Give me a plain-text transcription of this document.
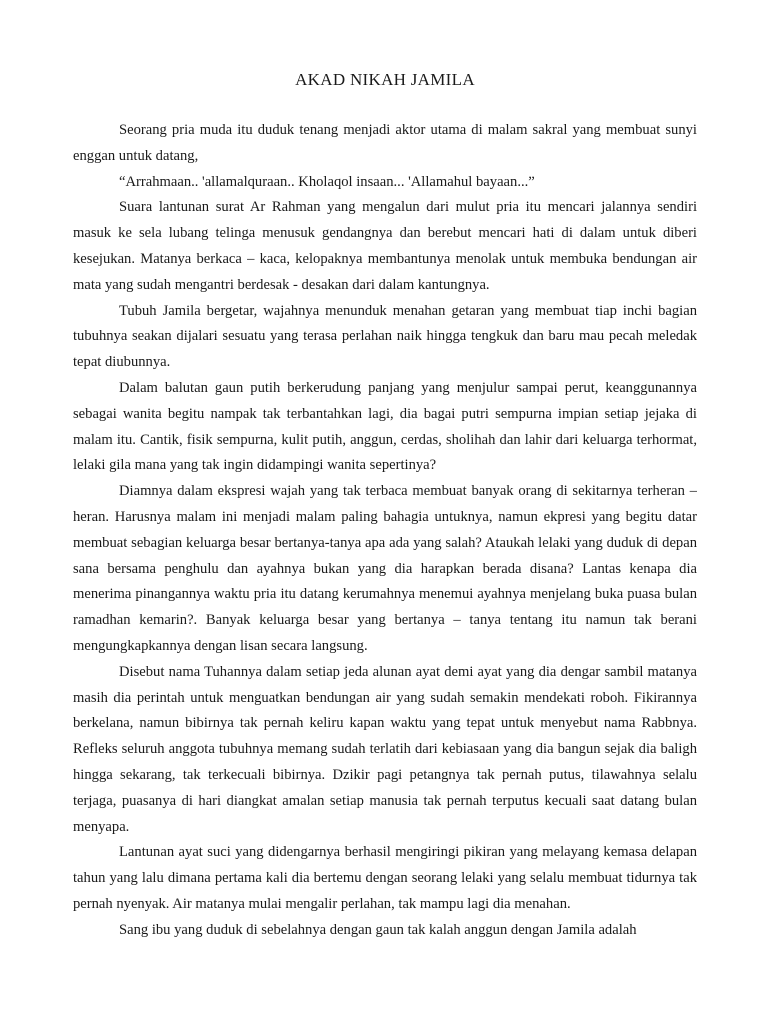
AKAD NIKAH JAMILA

Seorang pria muda itu duduk tenang menjadi aktor utama di malam sakral yang membuat sunyi enggan untuk datang,

“Arrahmaan.. 'allamalquraan.. Kholaqol insaan... 'Allamahul bayaan...”

Suara lantunan surat Ar Rahman yang mengalun dari mulut pria itu mencari jalannya sendiri masuk ke sela lubang telinga menusuk gendangnya dan berebut mencari hati di dalam untuk diberi kesejukan. Matanya berkaca – kaca, kelopaknya membantunya menolak untuk membuka bendungan air mata yang sudah mengantri berdesak - desakan dari dalam kantungnya.

Tubuh Jamila bergetar, wajahnya menunduk menahan getaran yang membuat tiap inchi bagian tubuhnya seakan dijalari sesuatu yang terasa perlahan naik hingga tengkuk dan baru mau pecah meledak tepat diubunnya.

Dalam balutan gaun putih berkerudung panjang yang menjulur sampai perut, keanggunannya sebagai wanita begitu nampak tak terbantahkan lagi, dia bagai putri sempurna impian setiap jejaka di malam itu. Cantik, fisik sempurna, kulit putih, anggun, cerdas, sholihah dan lahir dari keluarga terhormat, lelaki gila mana yang tak ingin didampingi wanita sepertinya?

Diamnya dalam ekspresi wajah yang tak terbaca membuat banyak orang di sekitarnya terheran – heran. Harusnya malam ini menjadi malam paling bahagia untuknya, namun ekpresi yang begitu datar membuat sebagian keluarga besar bertanya-tanya apa ada yang salah? Ataukah lelaki yang duduk di depan sana bersama penghulu dan ayahnya bukan yang dia harapkan berada disana? Lantas kenapa dia menerima pinangannya waktu pria itu datang kerumahnya menemui ayahnya menjelang buka puasa bulan ramadhan kemarin?. Banyak keluarga besar yang bertanya – tanya tentang itu namun tak berani mengungkapkannya dengan lisan secara langsung.

Disebut nama Tuhannya dalam setiap jeda alunan ayat demi ayat yang dia dengar sambil matanya masih dia perintah untuk menguatkan bendungan air yang sudah semakin mendekati roboh. Fikirannya berkelana, namun bibirnya tak pernah keliru kapan waktu yang tepat untuk menyebut nama Rabbnya. Refleks seluruh anggota tubuhnya memang sudah terlatih dari kebiasaan yang dia bangun sejak dia baligh hingga sekarang, tak terkecuali bibirnya. Dzikir pagi petangnya tak pernah putus, tilawahnya selalu terjaga, puasanya di hari diangkat amalan setiap manusia tak pernah terputus kecuali saat datang bulan menyapa.

Lantunan ayat suci yang didengarnya berhasil mengiringi pikiran yang melayang kemasa delapan tahun yang lalu dimana pertama kali dia bertemu dengan seorang lelaki yang selalu membuat tidurnya tak pernah nyenyak. Air matanya mulai mengalir perlahan, tak mampu lagi dia menahan.

Sang ibu yang duduk di sebelahnya dengan gaun tak kalah anggun dengan Jamila adalah
